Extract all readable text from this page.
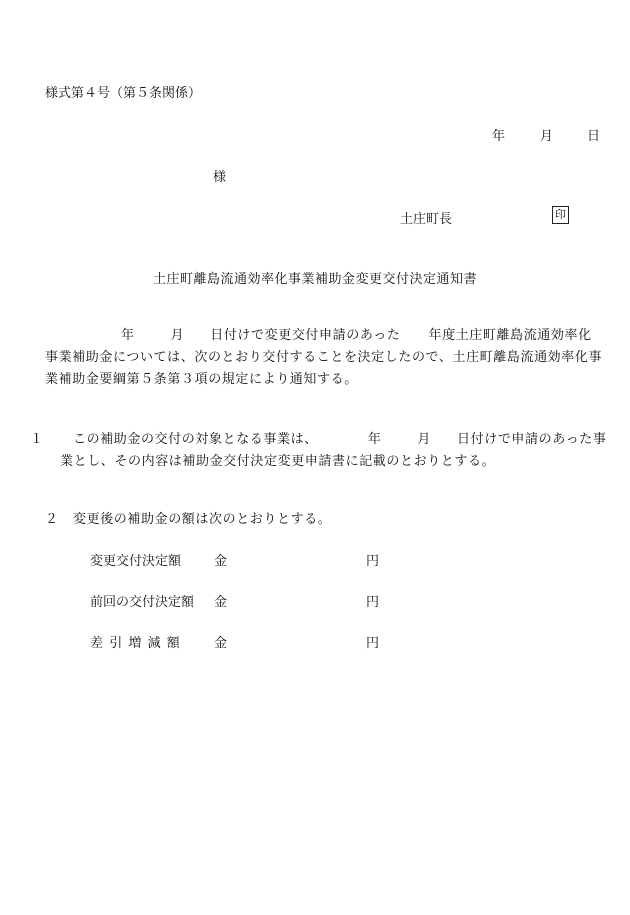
様式第４号（第５条関係）
年	月	日
様
土庄町長	印
土庄町離島流通効率化事業補助金変更交付決定通知書
年	月 日付けで変更交付申請のあった 年度土庄町離島流通効率化事業補助金については、次のとおり交付することを決定したので、土庄町離島流通効率化事業補助金要綱第５条第３項の規定により通知する。
１ この補助金の交付の対象となる事業は、	年	月 日付けで申請のあった事業とし、その内容は補助金交付決定変更申請書に記載のとおりとする。
２ 変更後の補助金の額は次のとおりとする。
変更交付決定額	金	円
前回の交付決定額 金	円
差引増減額 金	円
